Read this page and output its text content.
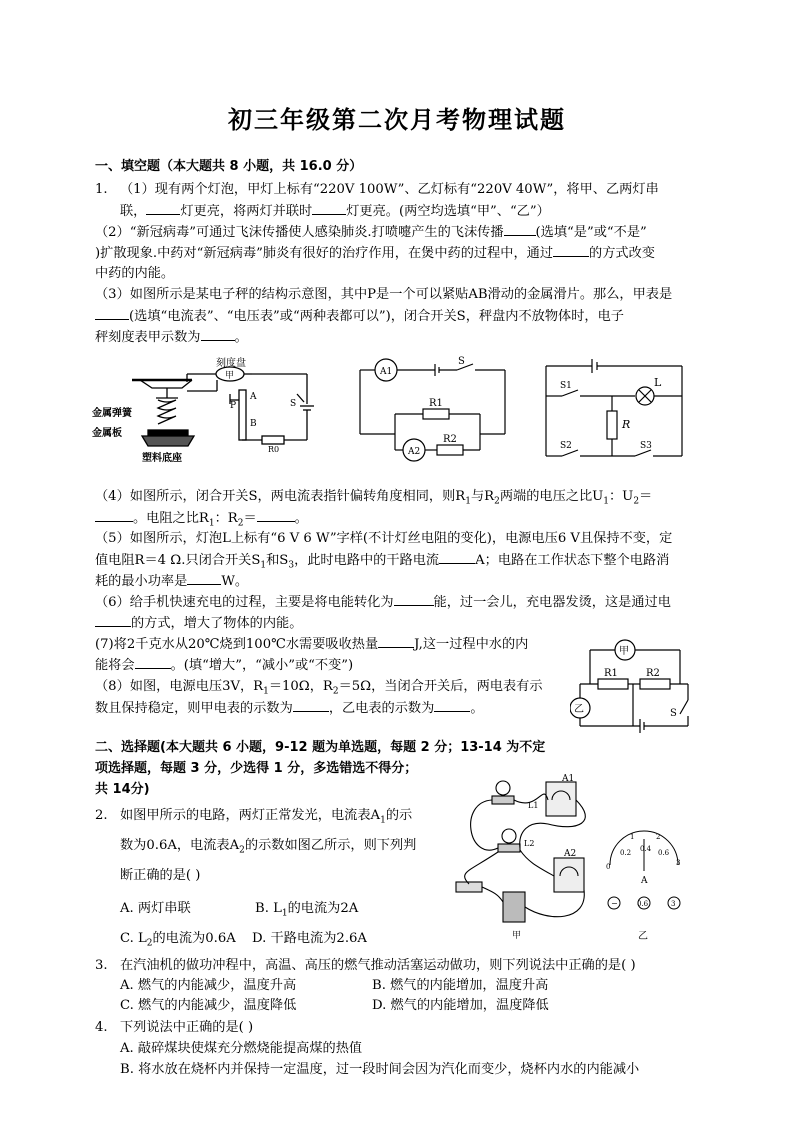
初三年级第二次月考物理试题
一、填空题（本大题共 8 小题，共 16.0 分）
1. （1）现有两个灯泡，甲灯上标有“220V 100W”、乙灯标有“220V 40W”，将甲、乙两灯串
联，	灯更亮，将两灯并联时	灯更亮。(两空均选填“甲”、“乙”）
（2）“新冠病毒”可通过飞沫传播使人感染肺炎.打喷嚏产生的飞沫传播 (选填“是”或“不是”
)扩散现象.中药对“新冠病毒”肺炎有很好的治疗作用，在煲中药的过程中，通过	的方式改变
中药的内能。
（3）如图所示是某电子秤的结构示意图，其中P是一个可以紧贴AB滑动的金属滑片。那么，甲表是
(选填“电流表”、“电压表”或“两种表都可以”)，闭合开关S，秤盘内不放物体时，电子
秤刻度表甲示数为	。
刻度盘
甲
P
A
B
S
R0
金属弹簧
金属板
塑料底座
A1
A2
S
R1
R2
S1
S2	S3
L
R
（4）如图所示，闭合开关S，两电流表指针偏转角度相同，则$R_1$与$R_2$两端的电压之比$U_1$：$U_2=$
。电阻之比$R_1$：$R_2=$	。
（5）如图所示，灯泡L上标有“6 V 6 W”字样(不计灯丝电阻的变化)，电源电压6 V且保持不变，定
值电阻R＝4 Ω.只闭合开关$S_1$和$S_3$，此时电路中的干路电流	A；电路在工作状态下整个电路消
耗的最小功率是	W。
（6）给手机快速充电的过程，主要是将电能转化为	能，过一会儿，充电器发烫，这是通过电
的方式，增大了物体的内能。
(7)将2千克水从20℃烧到100℃水需要吸收热量	J,这一过程中水的内
能将会	。(填“增大”，“减小”或“不变”)
（8）如图，电源电压3V，$R_1=10\Omega$，$R_2=5\Omega$，当闭合开关后，两电表有示
数且保持稳定，则甲电表的示数为	，乙电表的示数为	。
甲
乙
R1	R2
S
二、选择题(本大题共 6 小题，9-12 题为单选题，每题 2 分；13-14 为不定
项选择题，每题 3 分，少选得 1 分，多选错选不得分；
共 14分)
2. 如图甲所示的电路，两灯正常发光，电流表$A_1$的示
数为0.6A，电流表$A_2$的示数如图乙所示，则下列判
断正确的是( )
A. 两灯串联	B. $L_1$的电流为2A
C. $L_2$的电流为0.6A D. 干路电流为2.6A
A1
A2
L1
L2
甲
0
0.2 0.4 0.6
1	2
3
A
−	0.6	3
乙
3. 在汽油机的做功冲程中，高温、高压的燃气推动活塞运动做功，则下列说法中正确的是( )
A. 燃气的内能减少，温度升高	B. 燃气的内能增加，温度升高
C. 燃气的内能减少，温度降低	D. 燃气的内能增加，温度降低
4. 下列说法中正确的是( )
A. 敲碎煤块使煤充分燃烧能提高煤的热值
B. 将水放在烧杯内并保持一定温度，过一段时间会因为汽化而变少，烧杯内水的内能减小
